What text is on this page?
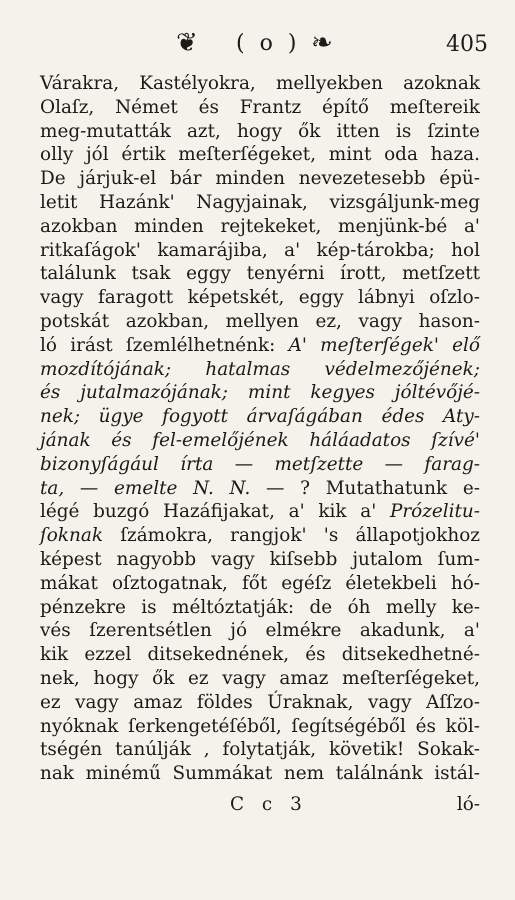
❦ ( o ) ❧	405
Várakra, Kastélyokra, mellyekben azoknak
Olaſz, Német és Frantz építő meſtereik
meg-mutatták azt, hogy ők itten is ſzinte
olly jól értik meſterſégeket, mint oda haza.
De járjuk-el bár minden nevezetesebb épü-
letit Hazánk' Nagyjainak, vizsgáljunk-meg
azokban minden rejtekeket, menjünk-bé a'
ritkaſágok' kamarájiba, a' kép-tárokba; hol
találunk tsak eggy tenyérni írott, metſzett
vagy faragott képetskét, eggy lábnyi oſzlo-
potskát azokban, mellyen ez, vagy hason-
ló irást ſzemlélhetnénk: A' meſterſégek' elő
mozdítójának; hatalmas védelmezőjének;
és jutalmazójának; mint kegyes jóltévőjé-
nek; ügye fogyott árvaſágában édes Aty-
jának és fel-emelőjének háláadatos ſzívé'
bizonyſágául írta — metſzette — farag-
ta, — emelte N. N. — ? Mutathatunk e-
légé buzgó Hazáfijakat, a' kik a' Prózelitu-
ſoknak ſzámokra, rangjok' 's állapotjokhoz
képest nagyobb vagy kiſsebb jutalom ſum-
mákat oſztogatnak, főt egéſz életekbeli hó-
pénzekre is méltóztatják: de óh melly ke-
vés ſzerentsétlen jó elmékre akadunk, a'
kik ezzel ditsekednének, és ditsekedhetné-
nek, hogy ők ez vagy amaz meſterſégeket,
ez vagy amaz földes Úraknak, vagy Aſſzo-
nyóknak ſerkengetéſéből, ſegítségéből és köl-
tségén tanúlják , folytatják, követik! Sokak-
nak minémű Summákat nem találnánk istál-
C c 3	ló-
